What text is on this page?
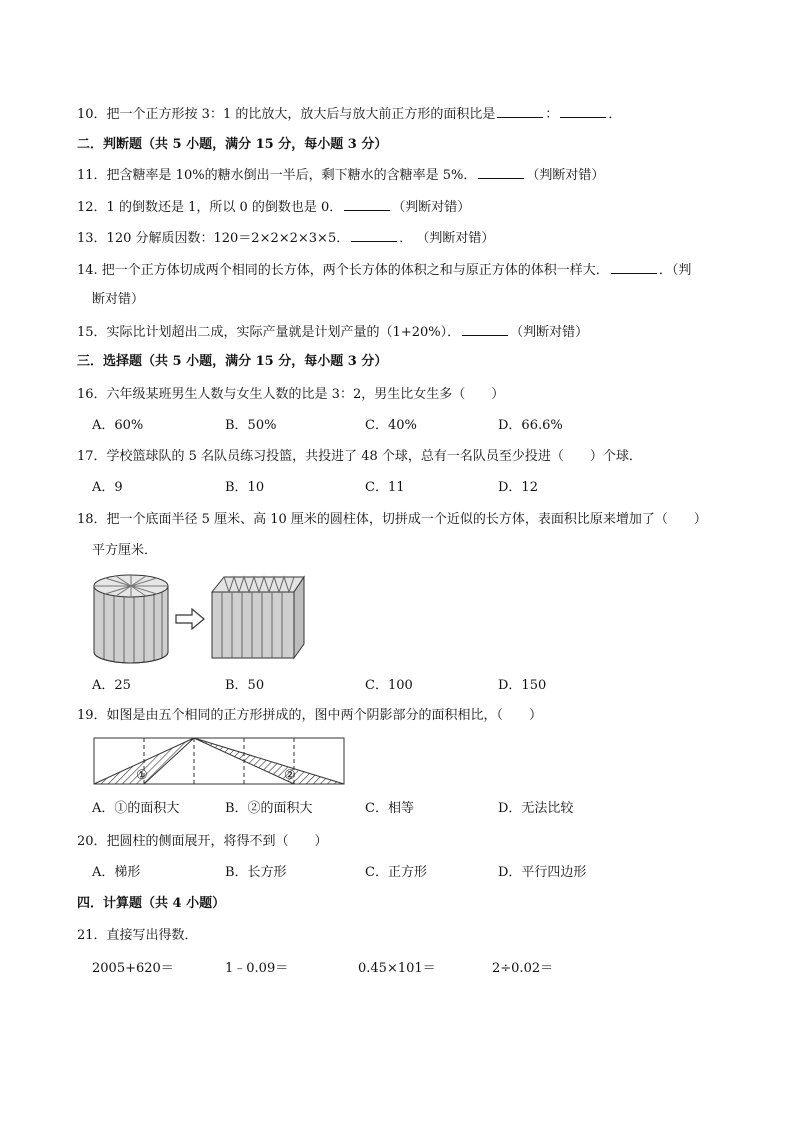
10．把一个正方形按 3：1 的比放大，放大后与放大前正方形的面积比是	：	．
二．判断题（共 5 小题，满分 15 分，每小题 3 分）
11．把含糖率是 10%的糖水倒出一半后，剩下糖水的含糖率是 5%．	（判断对错）
12．1 的倒数还是 1，所以 0 的倒数也是 0．	（判断对错）
13．120 分解质因数：120＝2×2×2×3×5．	． （判断对错）
14. 把一个正方体切成两个相同的长方体，两个长方体的体积之和与原正方体的体积一样大．	．（判
断对错）
15．实际比计划超出二成，实际产量就是计划产量的（1+20%）．	（判断对错）
三．选择题（共 5 小题，满分 15 分，每小题 3 分）
16．六年级某班男生人数与女生人数的比是 3：2，男生比女生多（　　）
A．60%	B．50%	C．40%	D．66.6%
17．学校篮球队的 5 名队员练习投篮，共投进了 48 个球，总有一名队员至少投进（　　）个球．
A．9	B．10	C．11	D．12
18．把一个底面半径 5 厘米、高 10 厘米的圆柱体，切拼成一个近似的长方体，表面积比原来增加了（　　）
平方厘米．
A．25	B．50	C．100	D．150
19．如图是由五个相同的正方形拼成的，图中两个阴影部分的面积相比，（　　）
①	②
A．①的面积大	B．②的面积大	C．相等	D．无法比较
20．把圆柱的侧面展开，将得不到（　　）
A．梯形	B．长方形	C．正方形	D．平行四边形
四．计算题（共 4 小题）
21．直接写出得数．
2005+620＝	1﹣0.09＝	0.45×101＝	2÷0.02＝
